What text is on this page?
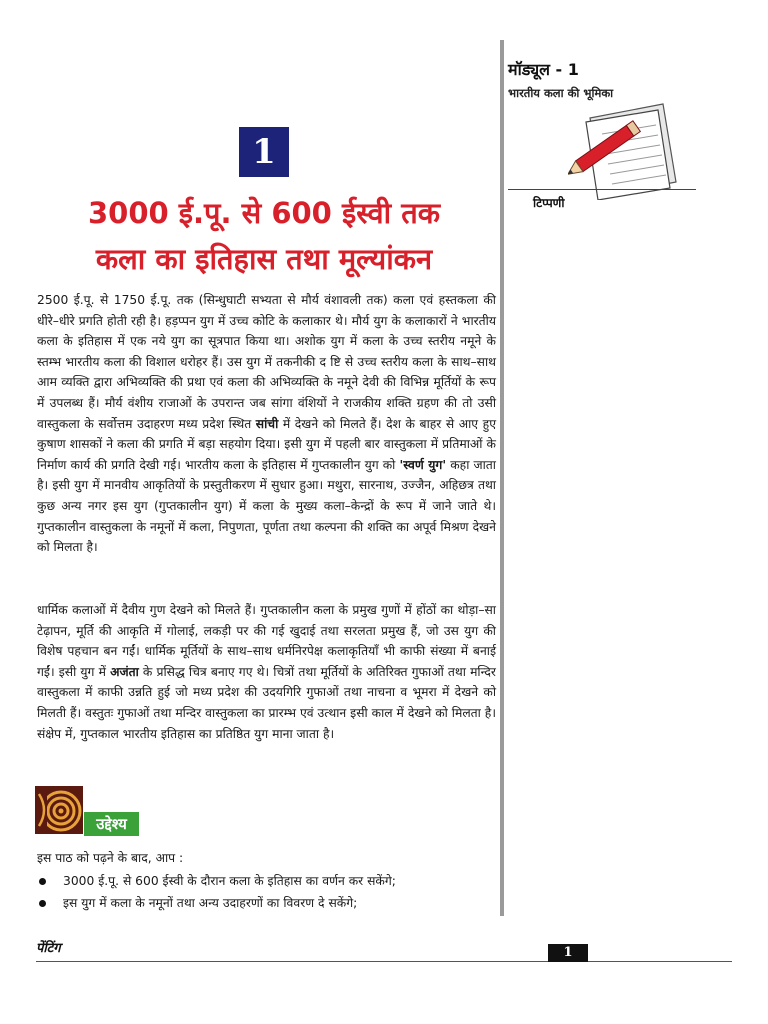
मॉड्यूल - 1
भारतीय कला की भूमिका
टिप्पणी
1
3000 ई.पू. से 600 ईस्वी तक
कला का इतिहास तथा मूल्यांकन
2500 ई.पू. से 1750 ई.पू. तक (सिन्धुघाटी सभ्यता से मौर्य वंशावली तक) कला एवं हस्तकला की धीरे–धीरे प्रगति होती रही है। हड़प्पन युग में उच्च कोटि के कलाकार थे। मौर्य युग के कलाकारों ने भारतीय कला के इतिहास में एक नये युग का सूत्रपात किया था। अशोक युग में कला के उच्च स्तरीय नमूने के स्तम्भ भारतीय कला की विशाल धरोहर हैं। उस युग में तकनीकी द ष्टि से उच्च स्तरीय कला के साथ–साथ आम व्यक्ति द्वारा अभिव्यक्ति की प्रथा एवं कला की अभिव्यक्ति के नमूने देवी की विभिन्न मूर्तियों के रूप में उपलब्ध हैं। मौर्य वंशीय राजाओं के उपरान्त जब सांगा वंशियों ने राजकीय शक्ति ग्रहण की तो उसी वास्तुकला के सर्वोत्तम उदाहरण मध्य प्रदेश स्थित सांची में देखने को मिलते हैं। देश के बाहर से आए हुए कुषाण शासकों ने कला की प्रगति में बड़ा सहयोग दिया। इसी युग में पहली बार वास्तुकला में प्रतिमाओं के निर्माण कार्य की प्रगति देखी गई। भारतीय कला के इतिहास में गुप्तकालीन युग को 'स्वर्ण युग' कहा जाता है। इसी युग में मानवीय आकृतियों के प्रस्तुतीकरण में सुधार हुआ। मथुरा, सारनाथ, उज्जैन, अहिछत्र तथा कुछ अन्य नगर इस युग (गुप्तकालीन युग) में कला के मुख्य कला–केन्द्रों के रूप में जाने जाते थे। गुप्तकालीन वास्तुकला के नमूनों में कला, निपुणता, पूर्णता तथा कल्पना की शक्ति का अपूर्व मिश्रण देखने को मिलता है।
धार्मिक कलाओं में दैवीय गुण देखने को मिलते हैं। गुप्तकालीन कला के प्रमुख गुणों में होंठों का थोड़ा–सा टेढ़ापन, मूर्ति की आकृति में गोलाई, लकड़ी पर की गई खुदाई तथा सरलता प्रमुख हैं, जो उस युग की विशेष पहचान बन गईं। धार्मिक मूर्तियों के साथ–साथ धर्मनिरपेक्ष कलाकृतियाँ भी काफी संख्या में बनाई गईं। इसी युग में अजंता के प्रसिद्ध चित्र बनाए गए थे। चित्रों तथा मूर्तियों के अतिरिक्त गुफाओं तथा मन्दिर वास्तुकला में काफी उन्नति हुई जो मध्य प्रदेश की उदयगिरि गुफाओं तथा नाचना व भूमरा में देखने को मिलती हैं। वस्तुतः गुफाओं तथा मन्दिर वास्तुकला का प्रारम्भ एवं उत्थान इसी काल में देखने को मिलता है। संक्षेप में, गुप्तकाल भारतीय इतिहास का प्रतिष्ठित युग माना जाता है।
उद्देश्य
इस पाठ को पढ़ने के बाद, आप :
3000 ई.पू. से 600 ईस्वी के दौरान कला के इतिहास का वर्णन कर सकेंगे;
इस युग में कला के नमूनों तथा अन्य उदाहरणों का विवरण दे सकेंगे;
पेंटिंग	1
